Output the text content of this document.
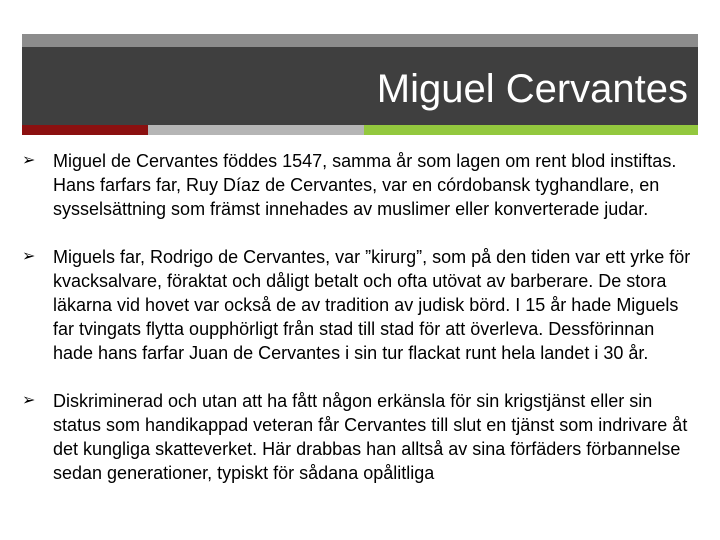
Miguel Cervantes
➢ Miguel de Cervantes föddes 1547, samma år som lagen om rent blod instiftas. Hans farfars far, Ruy Díaz de Cervantes, var en córdobansk tyghandlare, en sysselsättning som främst innehades av muslimer eller konverterade judar.
➢ Miguels far, Rodrigo de Cervantes, var ”kirurg”, som på den tiden var ett yrke för kvacksalvare, föraktat och dåligt betalt och ofta utövat av barberare. De stora läkarna vid hovet var också de av tradition av judisk börd. I 15 år hade Miguels far tvingats flytta oupphörligt från stad till stad för att överleva. Dessförinnan hade hans farfar Juan de Cervantes i sin tur flackat runt hela landet i 30 år.
➢ Diskriminerad och utan att ha fått någon erkänsla för sin krigstjänst eller sin status som handikappad veteran får Cervantes till slut en tjänst som indrivare åt det kungliga skatteverket. Här drabbas han alltså av sina förfäders förbannelse sedan generationer, typiskt för sådana opålitliga
